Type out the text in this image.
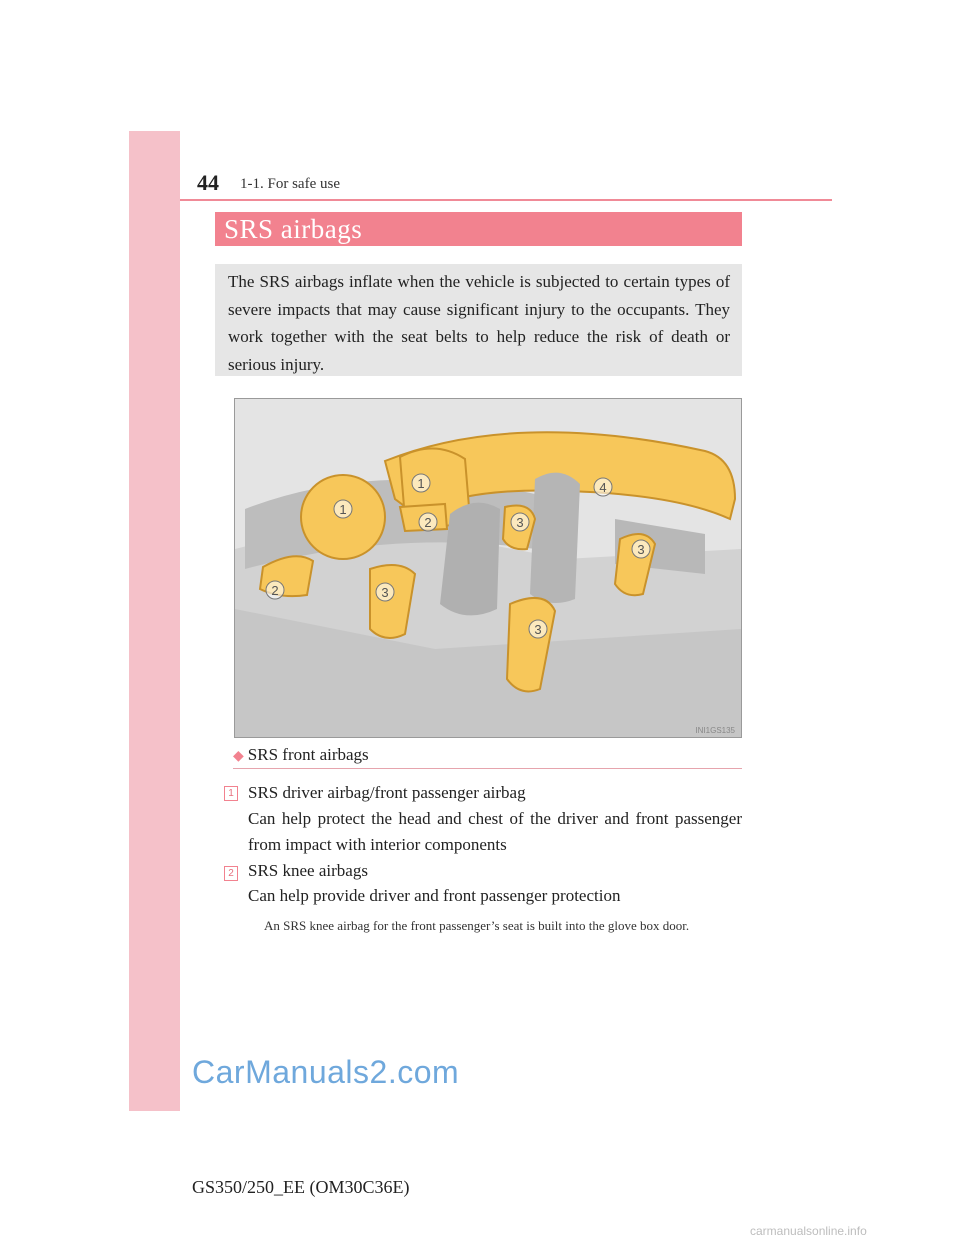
44 1-1. For safe use
SRS airbags

The SRS airbags inflate when the vehicle is subjected to certain types of severe impacts that may cause significant injury to the occupants. They work together with the seat belts to help reduce the risk of death or serious injury.

1
1
2
2
3
3
3
3
4
INI1GS135
◆ SRS front airbags
1 SRS driver airbag/front passenger airbag

Can help protect the head and chest of the driver and front passenger from impact with interior components

2 SRS knee airbags

Can help provide driver and front passenger protection

An SRS knee airbag for the front passenger’s seat is built into the glove box door.

CarManuals2.com
GS350/250_EE (OM30C36E)
carmanualsonline.info
